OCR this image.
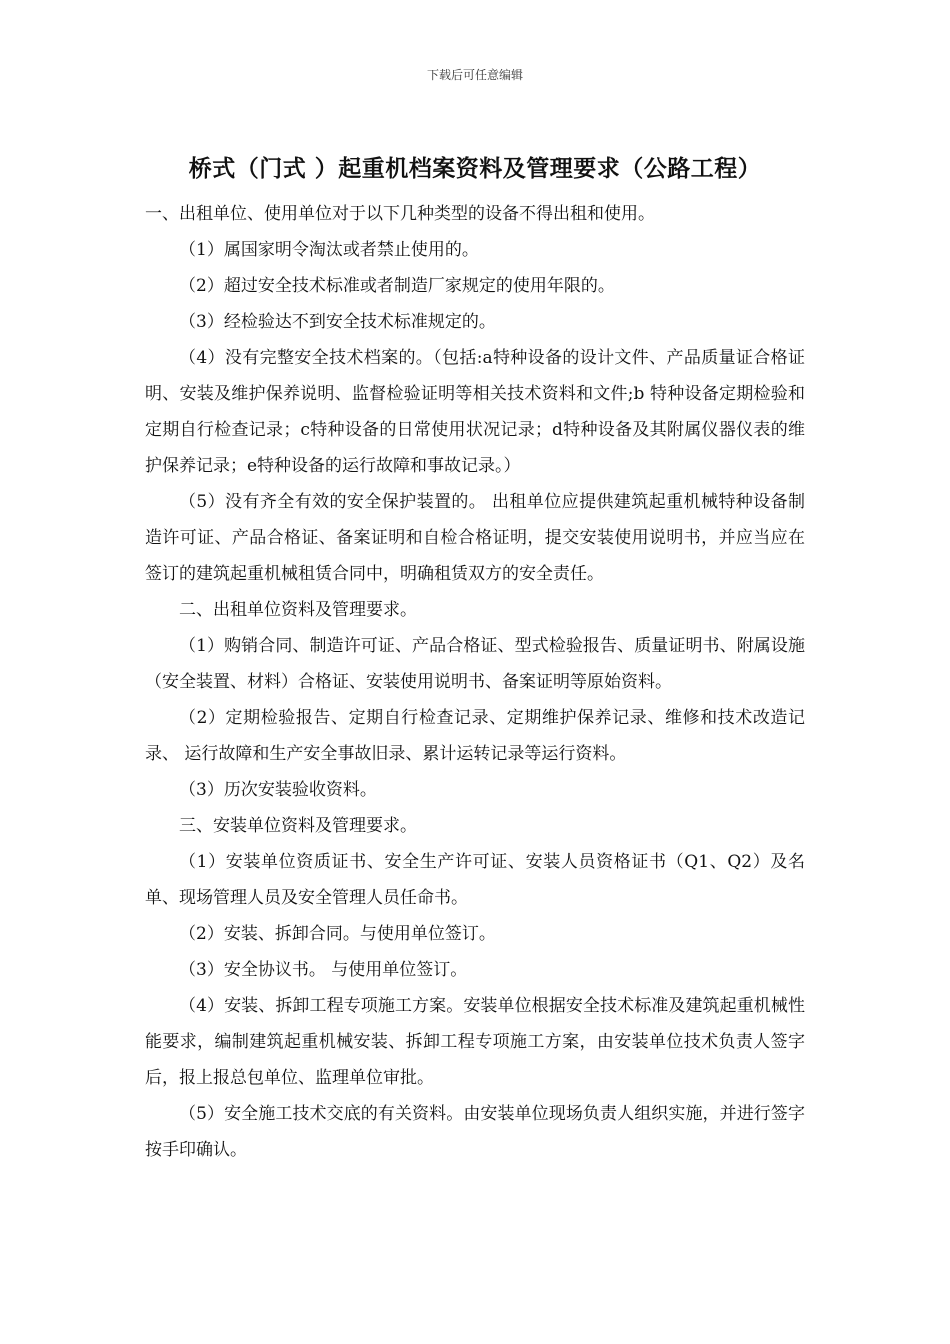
下载后可任意编辑
桥式（门式 ）起重机档案资料及管理要求（公路工程）

一、出租单位、使用单位对于以下几种类型的设备不得出租和使用。

（1）属国家明令淘汰或者禁止使用的。

（2）超过安全技术标准或者制造厂家规定的使用年限的。

（3）经检验达不到安全技术标准规定的。

（4）没有完整安全技术档案的。（包括:a特种设备的设计文件、产品质量证合格证明、安装及维护保养说明、监督检验证明等相关技术资料和文件;b 特种设备定期检验和定期自行检查记录；c特种设备的日常使用状况记录；d特种设备及其附属仪器仪表的维护保养记录；e特种设备的运行故障和事故记录。）

（5）没有齐全有效的安全保护装置的。 出租单位应提供建筑起重机械特种设备制造许可证、产品合格证、备案证明和自检合格证明，提交安装使用说明书，并应当应在签订的建筑起重机械租赁合同中，明确租赁双方的安全责任。

二、出租单位资料及管理要求。

（1）购销合同、制造许可证、产品合格证、型式检验报告、质量证明书、附属设施（安全装置、材料）合格证、安装使用说明书、备案证明等原始资料。

（2）定期检验报告、定期自行检查记录、定期维护保养记录、维修和技术改造记录、 运行故障和生产安全事故旧录、累计运转记录等运行资料。

（3）历次安装验收资料。

三、安装单位资料及管理要求。

（1）安装单位资质证书、安全生产许可证、安装人员资格证书（Q1、Q2）及名单、现场管理人员及安全管理人员任命书。

（2）安装、拆卸合同。与使用单位签订。

（3）安全协议书。 与使用单位签订。

（4）安装、拆卸工程专项施工方案。安装单位根据安全技术标准及建筑起重机械性能要求，编制建筑起重机械安装、拆卸工程专项施工方案，由安装单位技术负责人签字后，报上报总包单位、监理单位审批。

（5）安全施工技术交底的有关资料。由安装单位现场负责人组织实施，并进行签字按手印确认。
